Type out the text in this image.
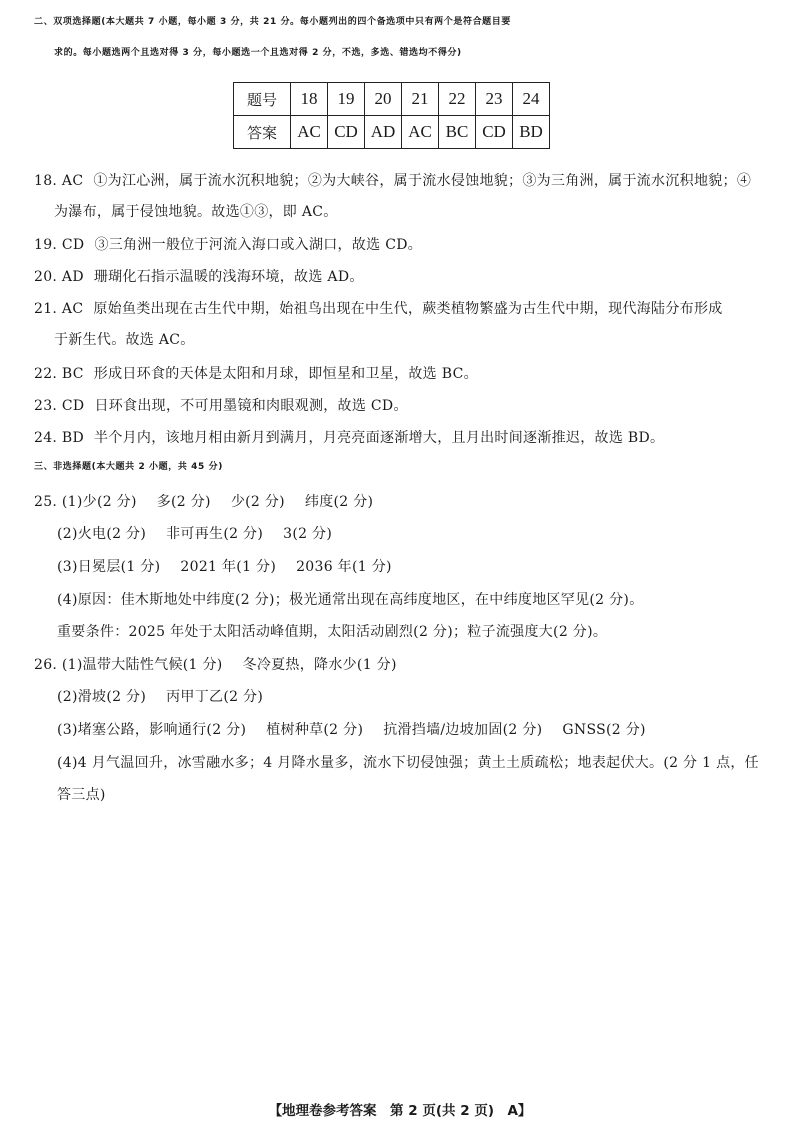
二、双项选择题(本大题共 7 小题，每小题 3 分，共 21 分。每小题列出的四个备选项中只有两个是符合题目要
求的。每小题选两个且选对得 3 分，每小题选一个且选对得 2 分，不选，多选、错选均不得分)
题号	18	19	20	21	22	23	24
答案	AC	CD	AD	AC	BC	CD	BD
18. AC ①为江心洲，属于流水沉积地貌；②为大峡谷，属于流水侵蚀地貌；③为三角洲，属于流水沉积地貌；④
为瀑布，属于侵蚀地貌。故选①③，即 AC。
19. CD ③三角洲一般位于河流入海口或入湖口，故选 CD。
20. AD 珊瑚化石指示温暖的浅海环境，故选 AD。
21. AC 原始鱼类出现在古生代中期，始祖鸟出现在中生代，蕨类植物繁盛为古生代中期，现代海陆分布形成
于新生代。故选 AC。
22. BC 形成日环食的天体是太阳和月球，即恒星和卫星，故选 BC。
23. CD 日环食出现，不可用墨镜和肉眼观测，故选 CD。
24. BD 半个月内，该地月相由新月到满月，月亮亮面逐渐增大，且月出时间逐渐推迟，故选 BD。
三、非选择题(本大题共 2 小题，共 45 分)
25. (1)少(2 分) 多(2 分) 少(2 分) 纬度(2 分)
(2)火电(2 分) 非可再生(2 分) 3(2 分)
(3)日冕层(1 分) 2021 年(1 分) 2036 年(1 分)
(4)原因：佳木斯地处中纬度(2 分)；极光通常出现在高纬度地区，在中纬度地区罕见(2 分)。
重要条件：2025 年处于太阳活动峰值期，太阳活动剧烈(2 分)；粒子流强度大(2 分)。
26. (1)温带大陆性气候(1 分) 冬冷夏热，降水少(1 分)
(2)滑坡(2 分) 丙甲丁乙(2 分)
(3)堵塞公路，影响通行(2 分) 植树种草(2 分) 抗滑挡墙/边坡加固(2 分) GNSS(2 分)
(4)4 月气温回升，冰雪融水多；4 月降水量多，流水下切侵蚀强；黄土土质疏松；地表起伏大。(2 分 1 点，任
答三点)
【地理卷参考答案　第 2 页(共 2 页)　A】
